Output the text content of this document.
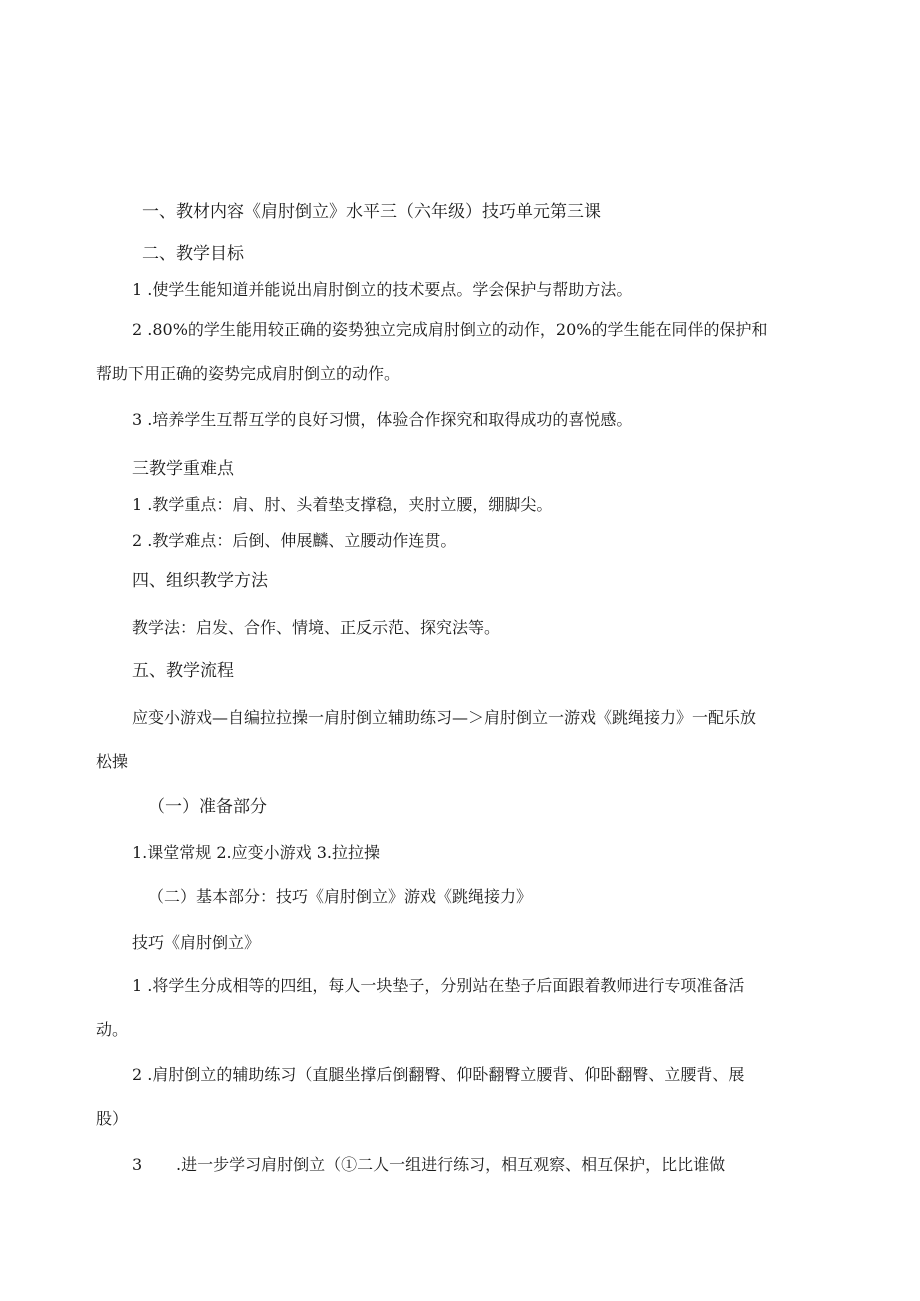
一、教材内容《肩肘倒立》水平三（六年级）技巧单元第三课
二、教学目标
1 .使学生能知道并能说出肩肘倒立的技术要点。学会保护与帮助方法。
2 .80%的学生能用较正确的姿势独立完成肩肘倒立的动作，20%的学生能在同伴的保护和
帮助下用正确的姿势完成肩肘倒立的动作。
3 .培养学生互帮互学的良好习惯，体验合作探究和取得成功的喜悦感。
三教学重难点
1 .教学重点：肩、肘、头着垫支撑稳，夹肘立腰，绷脚尖。
2 .教学难点：后倒、伸展麟、立腰动作连贯。
四、组织教学方法
教学法：启发、合作、情境、正反示范、探究法等。
五、教学流程
应变小游戏—自编拉拉操一肩肘倒立辅助练习—＞肩肘倒立一游戏《跳绳接力》一配乐放
松操
（一）准备部分
1.课堂常规 2.应变小游戏 3.拉拉操
（二）基本部分：技巧《肩肘倒立》游戏《跳绳接力》
技巧《肩肘倒立》
1 .将学生分成相等的四组，每人一块垫子，分别站在垫子后面跟着教师进行专项准备活
动。
2 .肩肘倒立的辅助练习（直腿坐撑后倒翻臀、仰卧翻臀立腰背、仰卧翻臀、立腰背、展
股）
3 .进一步学习肩肘倒立（①二人一组进行练习，相互观察、相互保护，比比谁做
